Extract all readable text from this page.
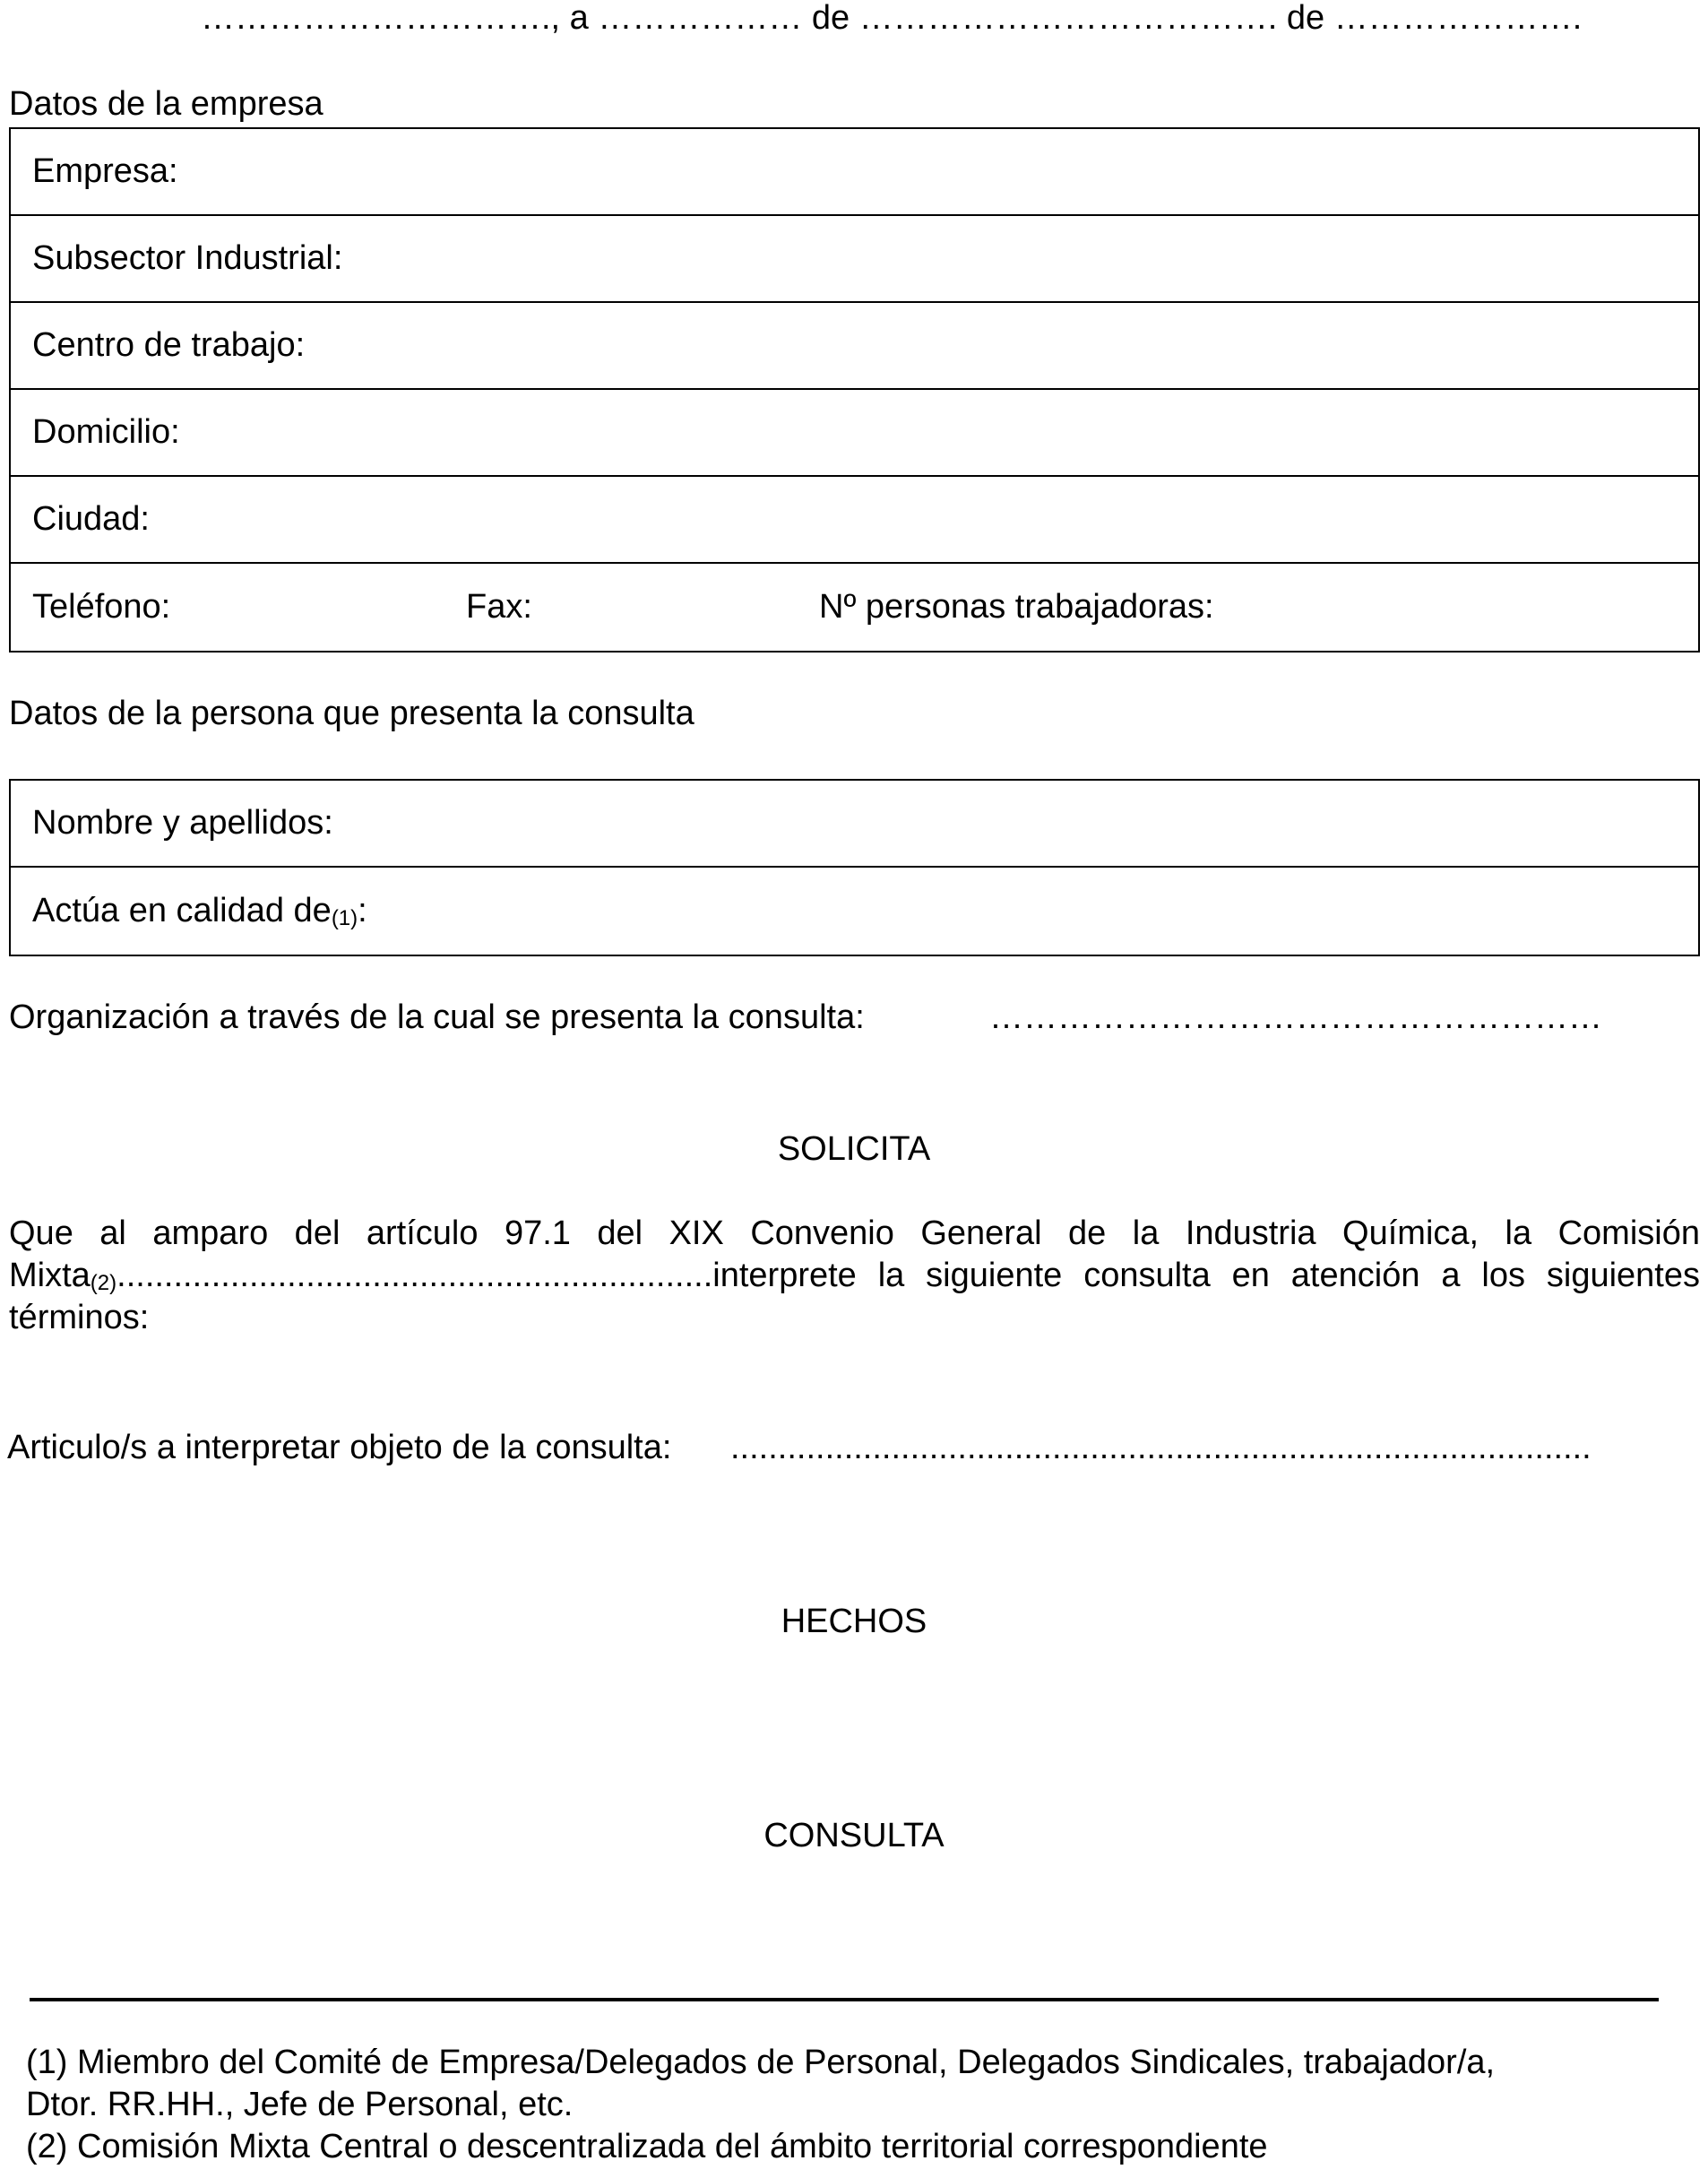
…………………………., a ……………… de ………………………………. de ………………….
Datos de la empresa
Empresa:
Subsector Industrial:
Centro de trabajo:
Domicilio:
Ciudad:
Teléfono:	Fax:	Nº personas trabajadoras:
Datos de la persona que presenta la consulta
Nombre y apellidos:
Actúa en calidad de(1):
Organización a través de la cual se presenta la consulta:	………………………………………………
SOLICITA
Que al amparo del artículo 97.1 del XIX Convenio General de la Industria Química, la Comisión
Mixta(2)...............................................................interprete la siguiente consulta en atención a los siguientes
términos:
Articulo/s a interpretar objeto de la consulta: ...........................................................................................
HECHOS
CONSULTA
(1) Miembro del Comité de Empresa/Delegados de Personal, Delegados Sindicales, trabajador/a,
Dtor. RR.HH., Jefe de Personal, etc.
(2) Comisión Mixta Central o descentralizada del ámbito territorial correspondiente
